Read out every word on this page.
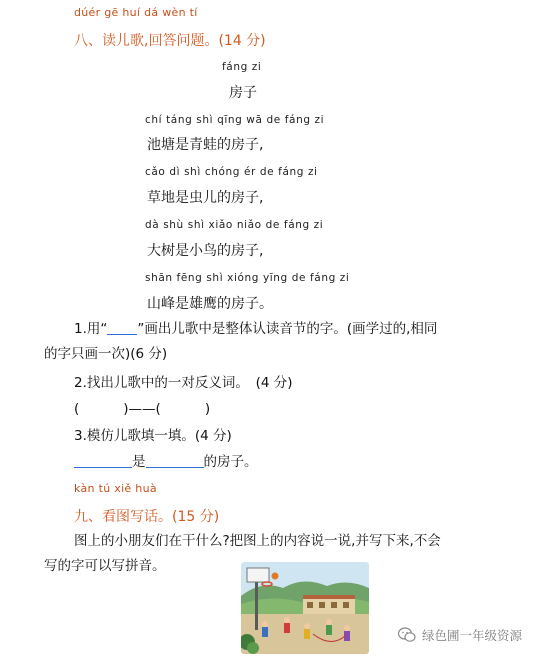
dúér gē huí dá wèn tí
八、读儿歌,回答问题。(14 分)
fáng zi
房子
chí táng shì qīng wā de fáng zi
池塘是青蛙的房子,
cǎo dì shì chóng ér de fáng zi
草地是虫儿的房子,
dà shù shì xiǎo niǎo de fáng zi
大树是小鸟的房子,
shān fēng shì xióng yīng de fáng zi
山峰是雄鹰的房子。
1.用“ ”画出儿歌中是整体认读音节的字。(画学过的,相同
的字只画一次)(6 分)
2.找出儿歌中的一对反义词。　(4 分)
(	)——(	)
3.模仿儿歌填一填。(4 分)
是	的房子。
kàn tú xiě huà
九、看图写话。(15 分)
图上的小朋友们在干什么?把图上的内容说一说,并写下来,不会
写的字可以写拼音。
绿色圃一年级资源
